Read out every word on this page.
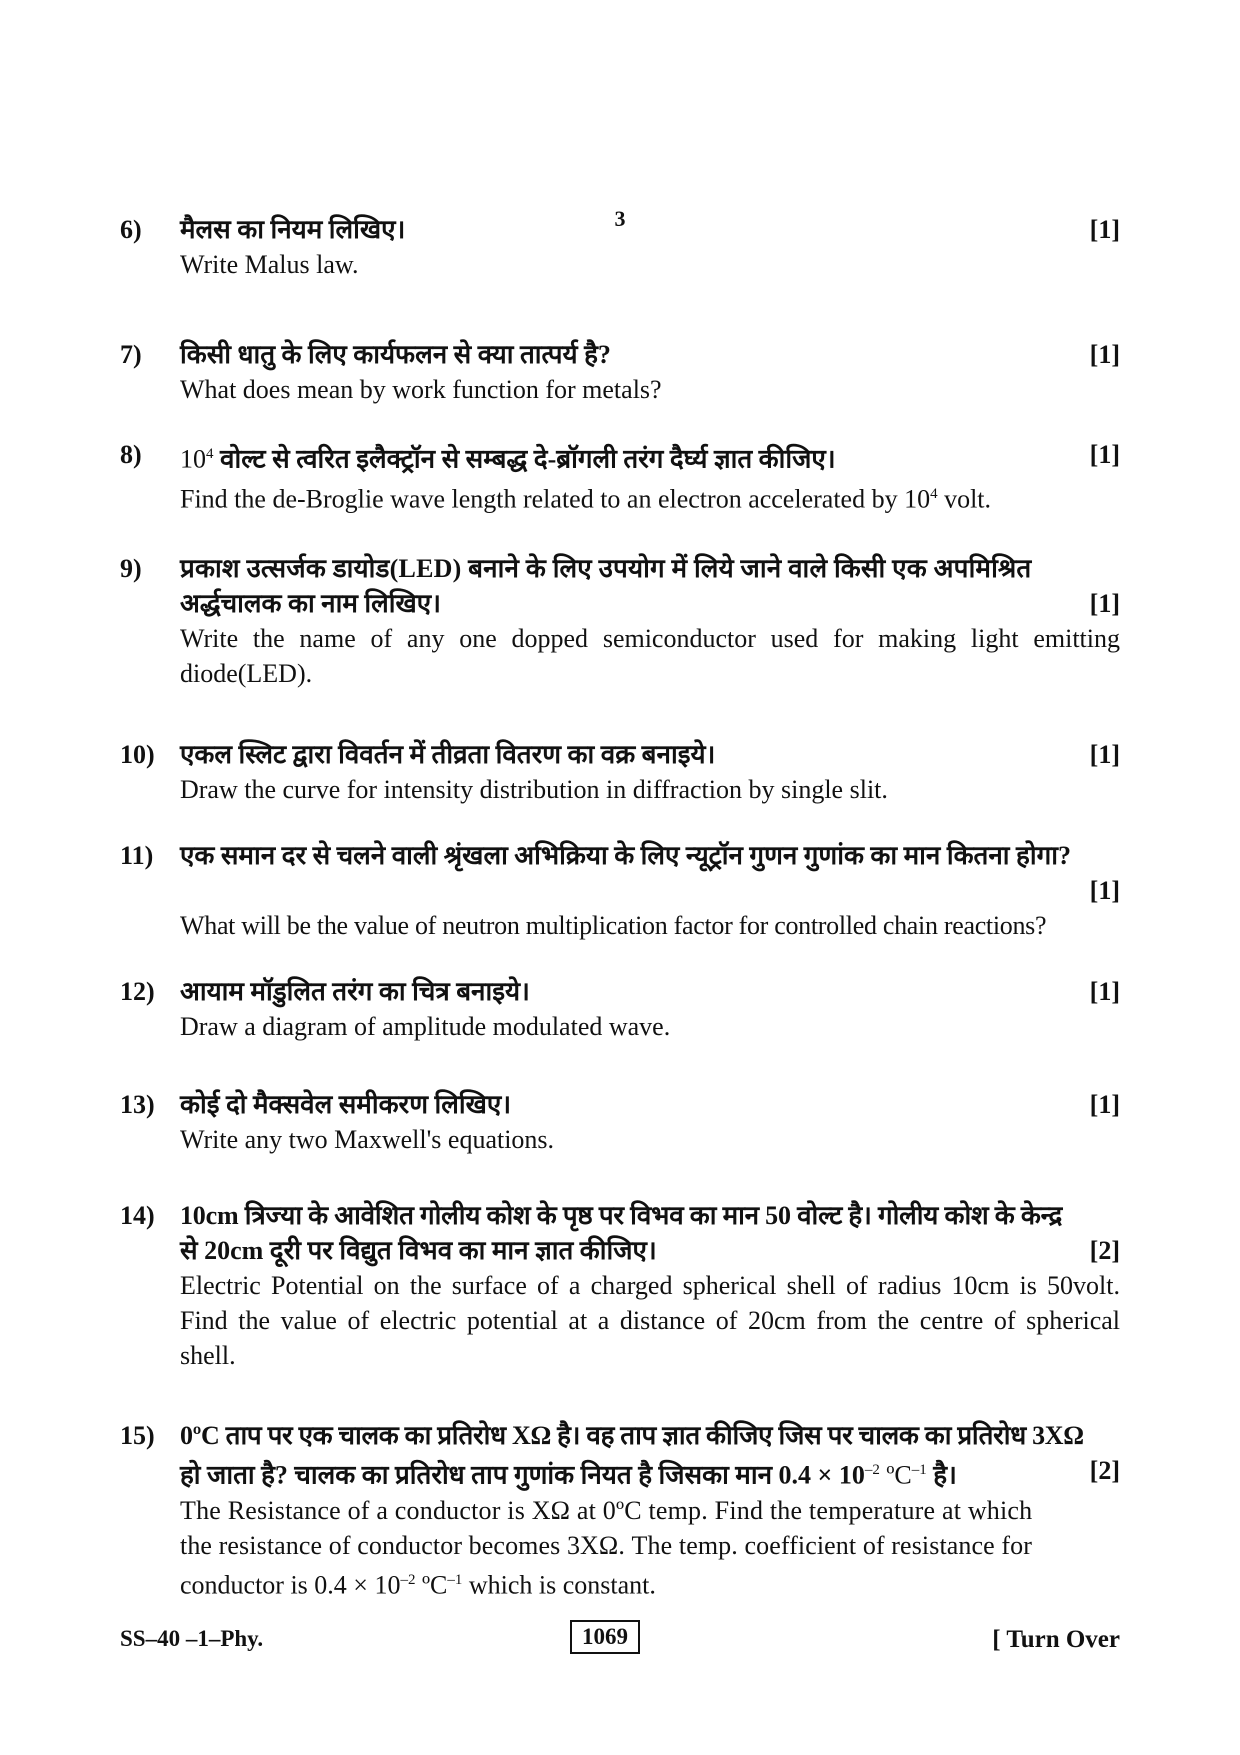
3
6)	मैलस का नियम लिखिए।	[1]
Write Malus law.
7)	किसी धातु के लिए कार्यफलन से क्या तात्पर्य है?	[1]
What does mean by work function for metals?
8)	$10^4$ वोल्ट से त्वरित इलैक्ट्रॉन से सम्बद्ध दे-ब्रॉगली तरंग दैर्घ्य ज्ञात कीजिए।	[1]
Find the de-Broglie wave length related to an electron accelerated by $10^4$ volt.
9)	प्रकाश उत्सर्जक डायोड(LED) बनाने के लिए उपयोग में लिये जाने वाले किसी एक अपमिश्रित
अर्द्धचालक का नाम लिखिए।	[1]
Write the name of any one dopped semiconductor used for making light emitting diode(LED).
10) एकल स्लिट द्वारा विवर्तन में तीव्रता वितरण का वक्र बनाइये।	[1]
Draw the curve for intensity distribution in diffraction by single slit.
11)	एक समान दर से चलने वाली श्रृंखला अभिक्रिया के लिए न्यूट्रॉन गुणन गुणांक का मान कितना होगा?
[1]
What will be the value of neutron multiplication factor for controlled chain reactions?
12) आयाम मॉडुलित तरंग का चित्र बनाइये।	[1]
Draw a diagram of amplitude modulated wave.
13) कोई दो मैक्सवेल समीकरण लिखिए।	[1]
Write any two Maxwell's equations.
14) 10cm त्रिज्या के आवेशित गोलीय कोश के पृष्ठ पर विभव का मान 50 वोल्ट है। गोलीय कोश के केन्द्र
से 20cm दूरी पर विद्युत विभव का मान ज्ञात कीजिए।	[2]
Electric Potential on the surface of a charged spherical shell of radius 10cm is 50volt. Find the value of electric potential at a distance of 20cm from the centre of spherical shell.
15) 0ºC ताप पर एक चालक का प्रतिरोध XΩ है। वह ताप ज्ञात कीजिए जिस पर चालक का प्रतिरोध 3XΩ
हो जाता है? चालक का प्रतिरोध ताप गुणांक नियत है जिसका मान $0.4 \times 10^{-2}$ ºC$^{-1}$ है।	[2]
The Resistance of a conductor is XΩ at 0ºC temp. Find the temperature at which
the resistance of conductor becomes 3XΩ. The temp. coefficient of resistance for
conductor is $0.4 \times 10^{-2}$ ºC$^{-1}$ which is constant.
SS–40 –1–Phy.	1069	[ Turn Over
